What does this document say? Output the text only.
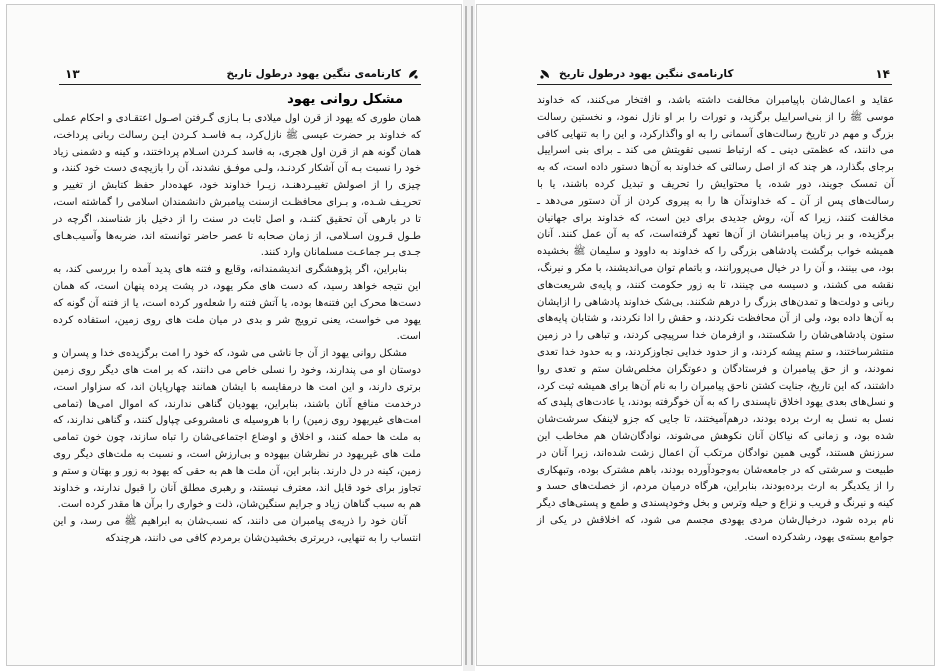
۱۳	کارنامه‌ی ننگین یهود درطول تاریخ
مشکل روانی یهود

همان طوری که یهود از قرن اول میلادی بـا بـازی گـرفتن اصـول اعتقـادی و احکام عملی که خداوند بر حضرت عیسی ﷺ نازل‌کرد، بـه فاسـد کـردن ایـن رسالت ربانی پرداخت، همان گونه هم از قرن اول هجری، به فاسد کـردن اسـلام پرداختند، و کینه و دشمنی زیاد خود را نسبت بـه آن آشکار کردنـد، ولـی موفـق نشدند، آن را بازیچه‌ی دست خود کنند، و چیزی را از اصولش تغییـردهنـد، زیـرا خداوند خود، عهده‌دار حفظ کتابش از تغییر و تحریـف شـده، و بـرای محافظـت ازسنت پیامبرش دانشمندان اسلامی را گماشته است، تا در بارهی آن تحقیق کننـد، و اصل ثابت در سنت را از دخیل باز شناسند، اگرچه در طـول قـرون اسـلامی، از زمان صحابه تا عصر حاضر توانسته اند، ضربه‌ها وآسیب‌هـای جـدی بـر جماعـت مسلمانان وارد کنند.

بنابراین، اگر پژوهشگری اندیشمندانه، وقایع و فتنه های پدید آمده را بررسی کند، به این نتیجه خواهد رسید، که دست های مکر یهود، در پشت پرده پنهان است، که همان دست‌ها محرک این فتنه‌ها بوده، یا آتش فتنه را شعله‌ور کرده است، یا از فتنه آن گونه که یهود می خواست، یعنی ترویج شر و بدی در میان ملت های روی زمین، استفاده کرده است.

مشکل روانی یهود از آن جا ناشی می شود، که خود را امت برگزیده‌ی خدا و پسران و دوستان او می پندارند، وخود را نسلی خاص می دانند، که بر امت های دیگر روی زمین برتری دارند، و این امت ها درمقایسه با ایشان همانند چهارپایان اند، که سزاوار است، درخدمت منافع آنان باشند، بنابراین، یهودیان گناهی ندارند، که اموال امی‌ها (تمامی امت‌های غیریهود روی زمین) را با هروسیله ی نامشروعی چپاول کنند، و گناهی ندارند، که به ملت ها حمله کنند، و اخلاق و اوضاع اجتماعی‌شان را تباه سازند، چون خون تمامی ملت های غیریهود در نظرشان بیهوده و بی‌ارزش است، و نسبت به ملت‌های دیگر روی زمین، کینه در دل دارند. بنابر این، آن ملت ها هم به حقی که یهود به زور و بهتان و ستم و تجاوز برای خود قایل اند، معترف نیستند، و رهبری مطلق آنان را قبول ندارند، و خداوند هم به سبب گناهان زیاد و جرایم سنگین‌شان، ذلت و خواری را برآن ها مقدر کرده است.

آنان خود را ذریه‌ی پیامبران می دانند، که نسب‌شان به ابراهیم ﷺ می رسد، و این انتساب را به تنهایی، دربرتری بخشیدن‌شان برمردم کافی می دانند، هرچندکه

۱۴
کارنامه‌ی ننگین یهود درطول تاریخ

عقاید و اعمال‌شان باپیامبران مخالفت داشته باشد، و افتخار می‌کنند، که خداوند موسی ﷺ را از بنی‌اسراییل برگزید، و تورات را بر او نازل نمود، و نخستین رسالت بزرگ و مهم در تاریخ رسالت‌های آسمانی را به او واگذارکرد، و این را به تنهایی کافی می دانند، که عظمتی دینی ـ که ارتباط نسبی تقویتش می کند ـ برای بنی اسراییل برجای بگذارد، هر چند که از اصل رسالتی که خداوند به آن‌ها دستور داده است، که به آن تمسک جویند، دور شده، یا محتوایش را تحریف و تبدیل کرده باشند، یا با رسالت‌های پس از آن ـ که خداوند‌آن ها را به پیروی کردن از آن دستور می‌دهد ـ مخالفت کنند، زیرا که آن، روش جدیدی برای دین است، که خداوند برای جهانیان برگزیده، و بر زبان پیامبرانشان از آن‌ها تعهد گرفته‌است، که به آن عمل کنند. آنان همیشه خواب برگشت پادشاهی بزرگی را که خداوند به داوود و سلیمان ﷺ بخشیده بود، می بینند، و آن را در خیال می‌پرورانند، و باتمام توان می‌اندیشند، با مکر و نیرنگ، نقشه می کشند، و دسیسه می چینند، تا به زور حکومت کنند، و پایه‌ی شریعت‌های ربانی و دولت‌ها و تمدن‌های بزرگ را درهم شکنند. بی‌شک خداوند پادشاهی را ازایشان به آن‌ها داده بود، ولی از آن محافظت نکردند، و حقش را ادا نکردند، و شتابان پایه‌های ستون پادشاهی‌شان را شکستند، و ازفرمان خدا سرپیچی کردند، و تباهی را در زمین منتشرساختند، و ستم پیشه کردند، و از حدود خدایی تجاوزکردند، و به حدود خدا تعدی نمودند، و از حق پیامبران و فرستادگان و دعوتگران مخلص‌شان ستم و تعدی روا داشتند، که این تاریخ، جنایت کشتن ناحق پیامبران را به نام آن‌ها برای همیشه ثبت کرد، و نسل‌های بعدی یهود اخلاق ناپسندی را که به آن خوگرفته بودند، یا عادت‌های پلیدی که نسل به نسل به ارث برده بودند، درهم‌آمیختند، تا جایی که جزو لاینفک سرشت‌شان شده بود، و زمانی که نیاکان آنان نکوهش می‌شوند، نوادگان‌شان هم مخاطب این سرزنش هستند، گویی همین نوادگان مرتکب آن اعمال زشت شده‌اند، زیرا آنان در طبیعت و سرشتی که در جامعه‌شان به‌وجودآورده بودند، باهم مشترک بوده، وتبهکاری را از یکدیگر به ارث برده‌بودند، بنابراین، هرگاه درمیان مردم، از خصلت‌های حسد و کینه و نیرنگ و فریب و نزاع و حیله وترس و بخل وخودپسندی و طمع و پستی‌های دیگر نام برده شود، درخیال‌شان مردی یهودی مجسم می شود، که اخلاقش در یکی از جوامع بسته‌ی یهود، رشدکرده است.
